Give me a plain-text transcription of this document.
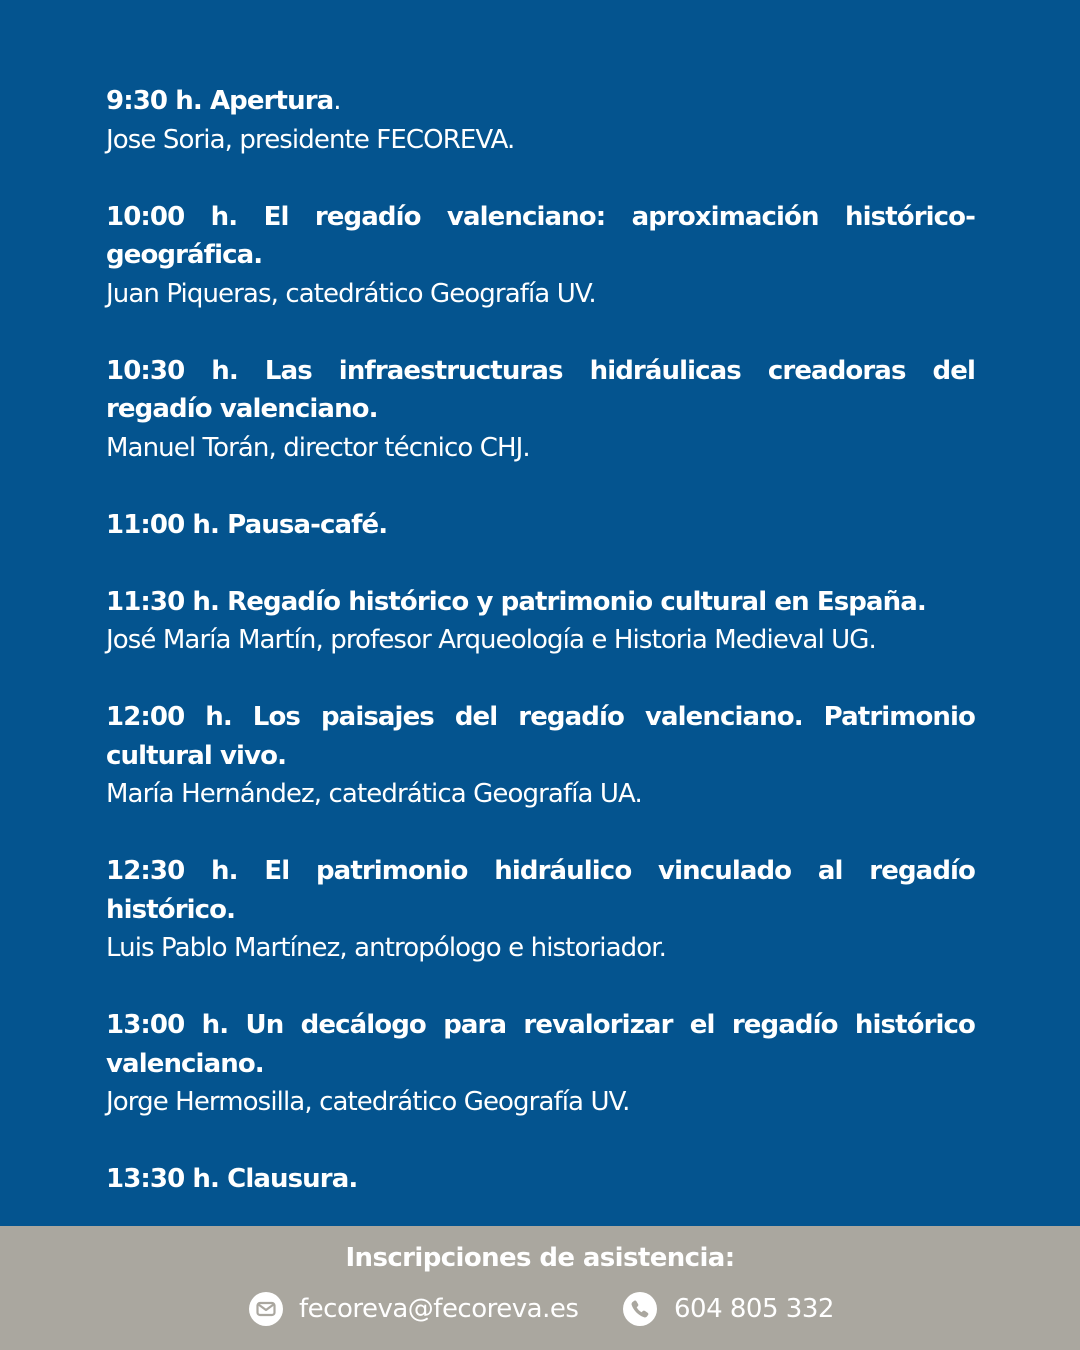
9:30 h. Apertura.
Jose Soria, presidente FECOREVA.
10:00 h. El regadío valenciano: aproximación histórico-geográfica.
Juan Piqueras, catedrático Geografía UV.
10:30 h. Las infraestructuras hidráulicas creadoras del regadío valenciano.
Manuel Torán, director técnico CHJ.
11:00 h. Pausa-café.
11:30 h. Regadío histórico y patrimonio cultural en España.
José María Martín, profesor Arqueología e Historia Medieval UG.
12:00 h. Los paisajes del regadío valenciano. Patrimonio cultural vivo.
María Hernández, catedrática Geografía UA.
12:30 h. El patrimonio hidráulico vinculado al regadío histórico.
Luis Pablo Martínez, antropólogo e historiador.
13:00 h. Un decálogo para revalorizar el regadío histórico valenciano.
Jorge Hermosilla, catedrático Geografía UV.
13:30 h. Clausura.
Inscripciones de asistencia:
fecoreva@fecoreva.es	604 805 332
